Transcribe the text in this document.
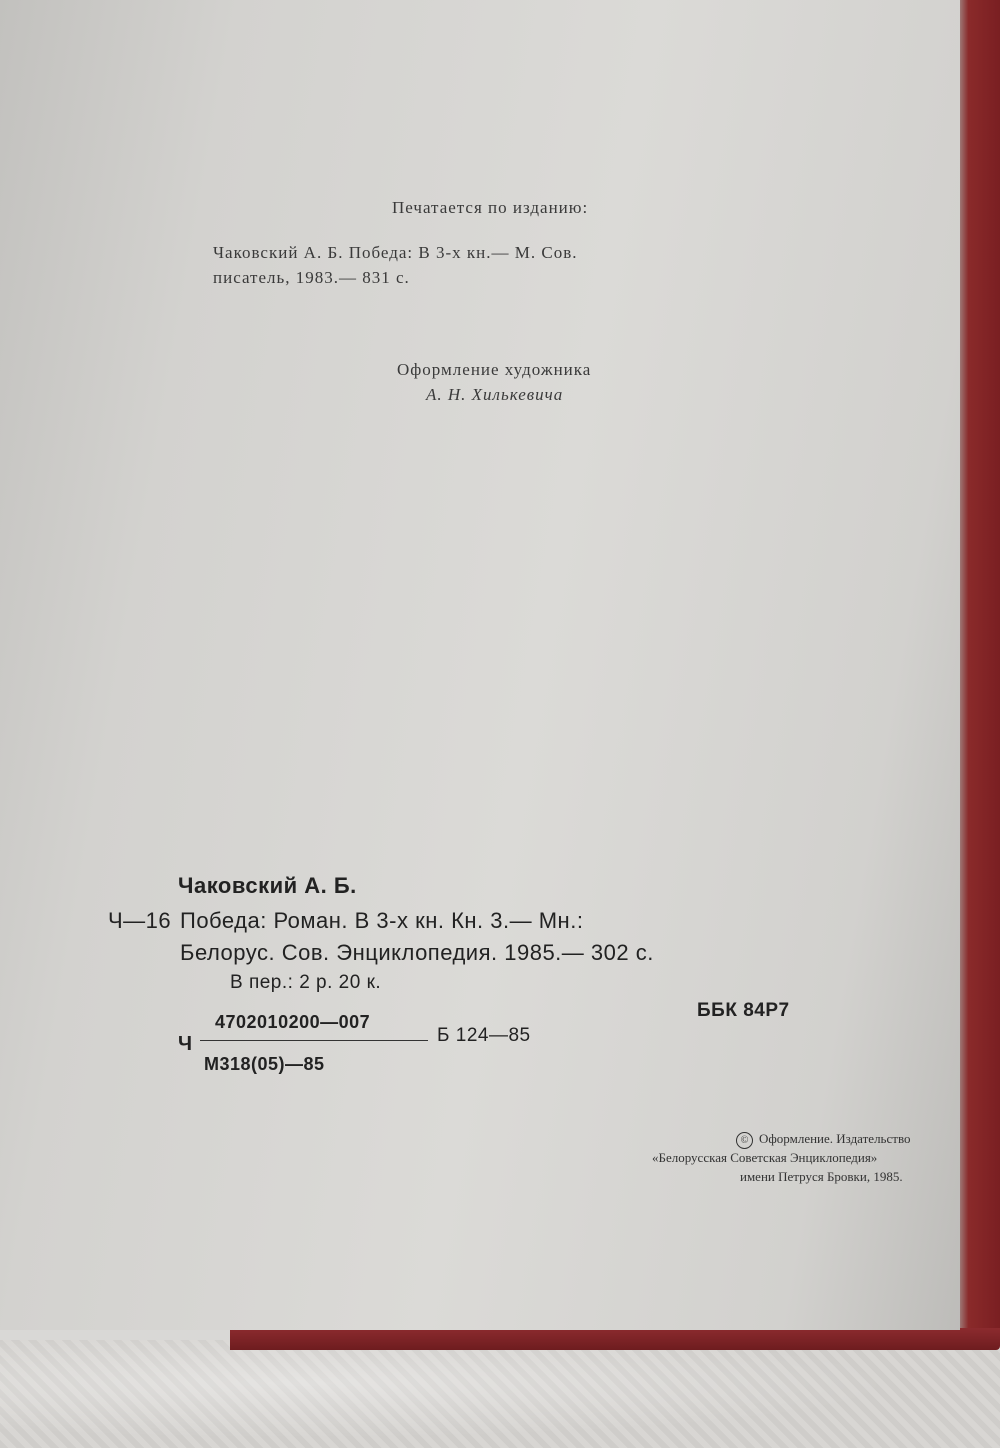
Печатается по изданию:
Чаковский А. Б. Победа: В 3-х кн.— М. Сов.
писатель, 1983.— 831 с.
Оформление художника
А. Н. Хилькевича
Чаковский А. Б.
Ч—16 Победа: Роман. В 3-х кн. Кн. 3.— Мн.:
Белорус. Сов. Энциклопедия. 1985.— 302 с.
В пер.: 2 р. 20 к.
ББК 84Р7
Ч
4702010200—007
Б 124—85
М318(05)—85
© Оформление. Издательство
«Белорусская Советская Энциклопедия»
имени Петруся Бровки, 1985.
